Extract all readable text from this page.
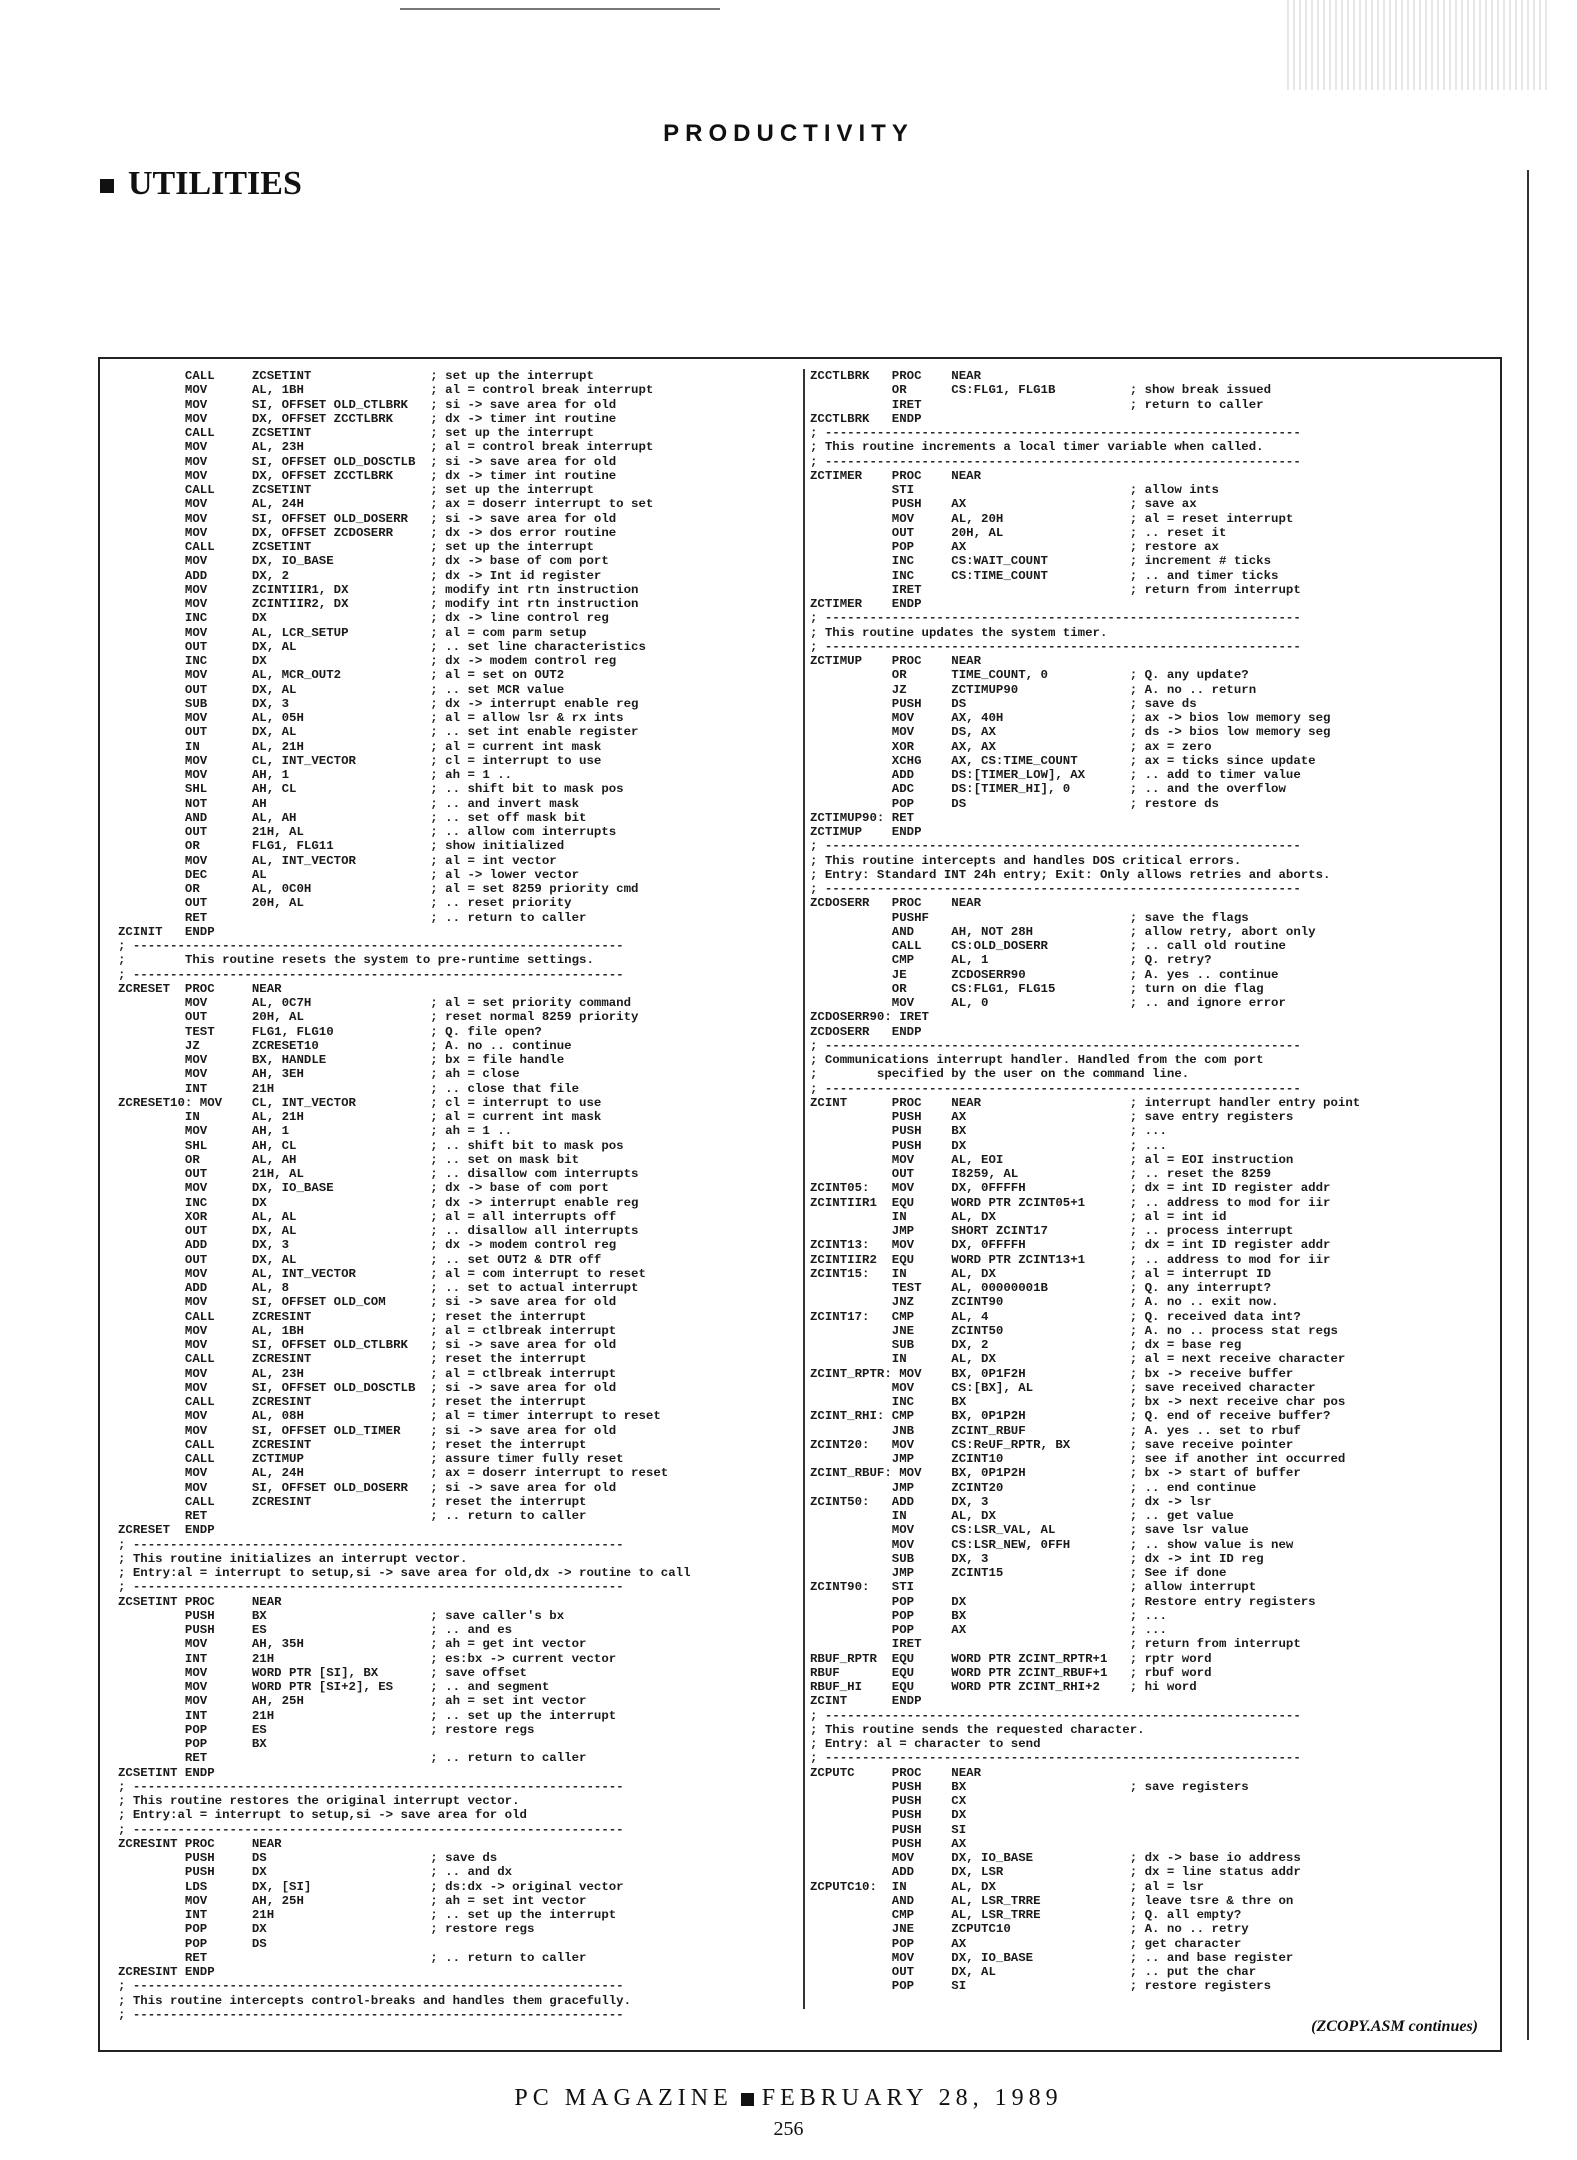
PRODUCTIVITY
UTILITIES
CALL     ZCSETINT                ; set up the interrupt
MOV      AL, 1BH                 ; al = control break interrupt
MOV      SI, OFFSET OLD_CTLBRK   ; si -> save area for old
MOV      DX, OFFSET ZCCTLBRK     ; dx -> timer int routine
CALL     ZCSETINT                ; set up the interrupt
MOV      AL, 23H                 ; al = control break interrupt
MOV      SI, OFFSET OLD_DOSCTLB  ; si -> save area for old
MOV      DX, OFFSET ZCCTLBRK     ; dx -> timer int routine
CALL     ZCSETINT                ; set up the interrupt
MOV      AL, 24H                 ; ax = doserr interrupt to set
MOV      SI, OFFSET OLD_DOSERR   ; si -> save area for old
MOV      DX, OFFSET ZCDOSERR     ; dx -> dos error routine
CALL     ZCSETINT                ; set up the interrupt
MOV      DX, IO_BASE             ; dx -> base of com port
ADD      DX, 2                   ; dx -> Int id register
MOV      ZCINTIIR1, DX           ; modify int rtn instruction
MOV      ZCINTIIR2, DX           ; modify int rtn instruction
INC      DX                      ; dx -> line control reg
MOV      AL, LCR_SETUP           ; al = com parm setup
OUT      DX, AL                  ; .. set line characteristics
INC      DX                      ; dx -> modem control reg
MOV      AL, MCR_OUT2            ; al = set on OUT2
OUT      DX, AL                  ; .. set MCR value
SUB      DX, 3                   ; dx -> interrupt enable reg
MOV      AL, 05H                 ; al = allow lsr & rx ints
OUT      DX, AL                  ; .. set int enable register
IN       AL, 21H                 ; al = current int mask
MOV      CL, INT_VECTOR          ; cl = interrupt to use
MOV      AH, 1                   ; ah = 1 ..
SHL      AH, CL                  ; .. shift bit to mask pos
NOT      AH                      ; .. and invert mask
AND      AL, AH                  ; .. set off mask bit
OUT      21H, AL                 ; .. allow com interrupts
OR       FLG1, FLG11             ; show initialized
MOV      AL, INT_VECTOR          ; al = int vector
DEC      AL                      ; al -> lower vector
OR       AL, 0C0H                ; al = set 8259 priority cmd
OUT      20H, AL                 ; .. reset priority
RET                              ; .. return to caller
ZCINIT   ENDP
; ------------------------------------------------------------------
;        This routine resets the system to pre-runtime settings.
; ------------------------------------------------------------------
ZCRESET  PROC     NEAR
MOV      AL, 0C7H                ; al = set priority command
OUT      20H, AL                 ; reset normal 8259 priority
TEST     FLG1, FLG10             ; Q. file open?
JZ       ZCRESET10               ; A. no .. continue
MOV      BX, HANDLE              ; bx = file handle
MOV      AH, 3EH                 ; ah = close
INT      21H                     ; .. close that file
ZCRESET10: MOV    CL, INT_VECTOR          ; cl = interrupt to use
IN       AL, 21H                 ; al = current int mask
MOV      AH, 1                   ; ah = 1 ..
SHL      AH, CL                  ; .. shift bit to mask pos
OR       AL, AH                  ; .. set on mask bit
OUT      21H, AL                 ; .. disallow com interrupts
MOV      DX, IO_BASE             ; dx -> base of com port
INC      DX                      ; dx -> interrupt enable reg
XOR      AL, AL                  ; al = all interrupts off
OUT      DX, AL                  ; .. disallow all interrupts
ADD      DX, 3                   ; dx -> modem control reg
OUT      DX, AL                  ; .. set OUT2 & DTR off
MOV      AL, INT_VECTOR          ; al = com interrupt to reset
ADD      AL, 8                   ; .. set to actual interrupt
MOV      SI, OFFSET OLD_COM      ; si -> save area for old
CALL     ZCRESINT                ; reset the interrupt
MOV      AL, 1BH                 ; al = ctlbreak interrupt
MOV      SI, OFFSET OLD_CTLBRK   ; si -> save area for old
CALL     ZCRESINT                ; reset the interrupt
MOV      AL, 23H                 ; al = ctlbreak interrupt
MOV      SI, OFFSET OLD_DOSCTLB  ; si -> save area for old
CALL     ZCRESINT                ; reset the interrupt
MOV      AL, 08H                 ; al = timer interrupt to reset
MOV      SI, OFFSET OLD_TIMER    ; si -> save area for old
CALL     ZCRESINT                ; reset the interrupt
CALL     ZCTIMUP                 ; assure timer fully reset
MOV      AL, 24H                 ; ax = doserr interrupt to reset
MOV      SI, OFFSET OLD_DOSERR   ; si -> save area for old
CALL     ZCRESINT                ; reset the interrupt
RET                              ; .. return to caller
ZCRESET  ENDP
; ------------------------------------------------------------------
; This routine initializes an interrupt vector.
; Entry:al = interrupt to setup,si -> save area for old,dx -> routine to call
; ------------------------------------------------------------------
ZCSETINT PROC     NEAR
PUSH     BX                      ; save caller's bx
PUSH     ES                      ; .. and es
MOV      AH, 35H                 ; ah = get int vector
INT      21H                     ; es:bx -> current vector
MOV      WORD PTR [SI], BX       ; save offset
MOV      WORD PTR [SI+2], ES     ; .. and segment
MOV      AH, 25H                 ; ah = set int vector
INT      21H                     ; .. set up the interrupt
POP      ES                      ; restore regs
POP      BX
RET                              ; .. return to caller
ZCSETINT ENDP
; ------------------------------------------------------------------
; This routine restores the original interrupt vector.
; Entry:al = interrupt to setup,si -> save area for old
; ------------------------------------------------------------------
ZCRESINT PROC     NEAR
PUSH     DS                      ; save ds
PUSH     DX                      ; .. and dx
LDS      DX, [SI]                ; ds:dx -> original vector
MOV      AH, 25H                 ; ah = set int vector
INT      21H                     ; .. set up the interrupt
POP      DX                      ; restore regs
POP      DS
RET                              ; .. return to caller
ZCRESINT ENDP
; ------------------------------------------------------------------
; This routine intercepts control-breaks and handles them gracefully.
; ------------------------------------------------------------------
ZCCTLBRK   PROC    NEAR
OR      CS:FLG1, FLG1B          ; show break issued
IRET                            ; return to caller
ZCCTLBRK   ENDP
; ----------------------------------------------------------------
; This routine increments a local timer variable when called.
; ----------------------------------------------------------------
ZCTIMER    PROC    NEAR
STI                             ; allow ints
PUSH    AX                      ; save ax
MOV     AL, 20H                 ; al = reset interrupt
OUT     20H, AL                 ; .. reset it
POP     AX                      ; restore ax
INC     CS:WAIT_COUNT           ; increment # ticks
INC     CS:TIME_COUNT           ; .. and timer ticks
IRET                            ; return from interrupt
ZCTIMER    ENDP
; ----------------------------------------------------------------
; This routine updates the system timer.
; ----------------------------------------------------------------
ZCTIMUP    PROC    NEAR
OR      TIME_COUNT, 0           ; Q. any update?
JZ      ZCTIMUP90               ; A. no .. return
PUSH    DS                      ; save ds
MOV     AX, 40H                 ; ax -> bios low memory seg
MOV     DS, AX                  ; ds -> bios low memory seg
XOR     AX, AX                  ; ax = zero
XCHG    AX, CS:TIME_COUNT       ; ax = ticks since update
ADD     DS:[TIMER_LOW], AX      ; .. add to timer value
ADC     DS:[TIMER_HI], 0        ; .. and the overflow
POP     DS                      ; restore ds
ZCTIMUP90: RET
ZCTIMUP    ENDP
; ----------------------------------------------------------------
; This routine intercepts and handles DOS critical errors.
; Entry: Standard INT 24h entry; Exit: Only allows retries and aborts.
; ----------------------------------------------------------------
ZCDOSERR   PROC    NEAR
PUSHF                           ; save the flags
AND     AH, NOT 28H             ; allow retry, abort only
CALL    CS:OLD_DOSERR           ; .. call old routine
CMP     AL, 1                   ; Q. retry?
JE      ZCDOSERR90              ; A. yes .. continue
OR      CS:FLG1, FLG15          ; turn on die flag
MOV     AL, 0                   ; .. and ignore error
ZCDOSERR90: IRET
ZCDOSERR   ENDP
; ----------------------------------------------------------------
; Communications interrupt handler. Handled from the com port
;        specified by the user on the command line.
; ----------------------------------------------------------------
ZCINT      PROC    NEAR                    ; interrupt handler entry point
PUSH    AX                      ; save entry registers
PUSH    BX                      ; ...
PUSH    DX                      ; ...
MOV     AL, EOI                 ; al = EOI instruction
OUT     I8259, AL               ; .. reset the 8259
ZCINT05:   MOV     DX, 0FFFFH              ; dx = int ID register addr
ZCINTIIR1  EQU     WORD PTR ZCINT05+1      ; .. address to mod for iir
IN      AL, DX                  ; al = int id
JMP     SHORT ZCINT17           ; .. process interrupt
ZCINT13:   MOV     DX, 0FFFFH              ; dx = int ID register addr
ZCINTIIR2  EQU     WORD PTR ZCINT13+1      ; .. address to mod for iir
ZCINT15:   IN      AL, DX                  ; al = interrupt ID
TEST    AL, 00000001B           ; Q. any interrupt?
JNZ     ZCINT90                 ; A. no .. exit now.
ZCINT17:   CMP     AL, 4                   ; Q. received data int?
JNE     ZCINT50                 ; A. no .. process stat regs
SUB     DX, 2                   ; dx = base reg
IN      AL, DX                  ; al = next receive character
ZCINT_RPTR: MOV    BX, 0P1F2H              ; bx -> receive buffer
MOV     CS:[BX], AL             ; save received character
INC     BX                      ; bx -> next receive char pos
ZCINT_RHI: CMP     BX, 0P1P2H              ; Q. end of receive buffer?
JNB     ZCINT_RBUF              ; A. yes .. set to rbuf
ZCINT20:   MOV     CS:ReUF_RPTR, BX        ; save receive pointer
JMP     ZCINT10                 ; see if another int occurred
ZCINT_RBUF: MOV    BX, 0P1P2H              ; bx -> start of buffer
JMP     ZCINT20                 ; .. end continue
ZCINT50:   ADD     DX, 3                   ; dx -> lsr
IN      AL, DX                  ; .. get value
MOV     CS:LSR_VAL, AL          ; save lsr value
MOV     CS:LSR_NEW, 0FFH        ; .. show value is new
SUB     DX, 3                   ; dx -> int ID reg
JMP     ZCINT15                 ; See if done
ZCINT90:   STI                             ; allow interrupt
POP     DX                      ; Restore entry registers
POP     BX                      ; ...
POP     AX                      ; ...
IRET                            ; return from interrupt
RBUF_RPTR  EQU     WORD PTR ZCINT_RPTR+1   ; rptr word
RBUF       EQU     WORD PTR ZCINT_RBUF+1   ; rbuf word
RBUF_HI    EQU     WORD PTR ZCINT_RHI+2    ; hi word
ZCINT      ENDP
; ----------------------------------------------------------------
; This routine sends the requested character.
; Entry: al = character to send
; ----------------------------------------------------------------
ZCPUTC     PROC    NEAR
PUSH    BX                      ; save registers
PUSH    CX
PUSH    DX
PUSH    SI
PUSH    AX
MOV     DX, IO_BASE             ; dx -> base io address
ADD     DX, LSR                 ; dx = line status addr
ZCPUTC10:  IN      AL, DX                  ; al = lsr
AND     AL, LSR_TRRE            ; leave tsre & thre on
CMP     AL, LSR_TRRE            ; Q. all empty?
JNE     ZCPUTC10                ; A. no .. retry
POP     AX                      ; get character
MOV     DX, IO_BASE             ; .. and base register
OUT     DX, AL                  ; .. put the char
POP     SI                      ; restore registers
(ZCOPY.ASM continues)
PC MAGAZINE FEBRUARY 28, 1989
256
